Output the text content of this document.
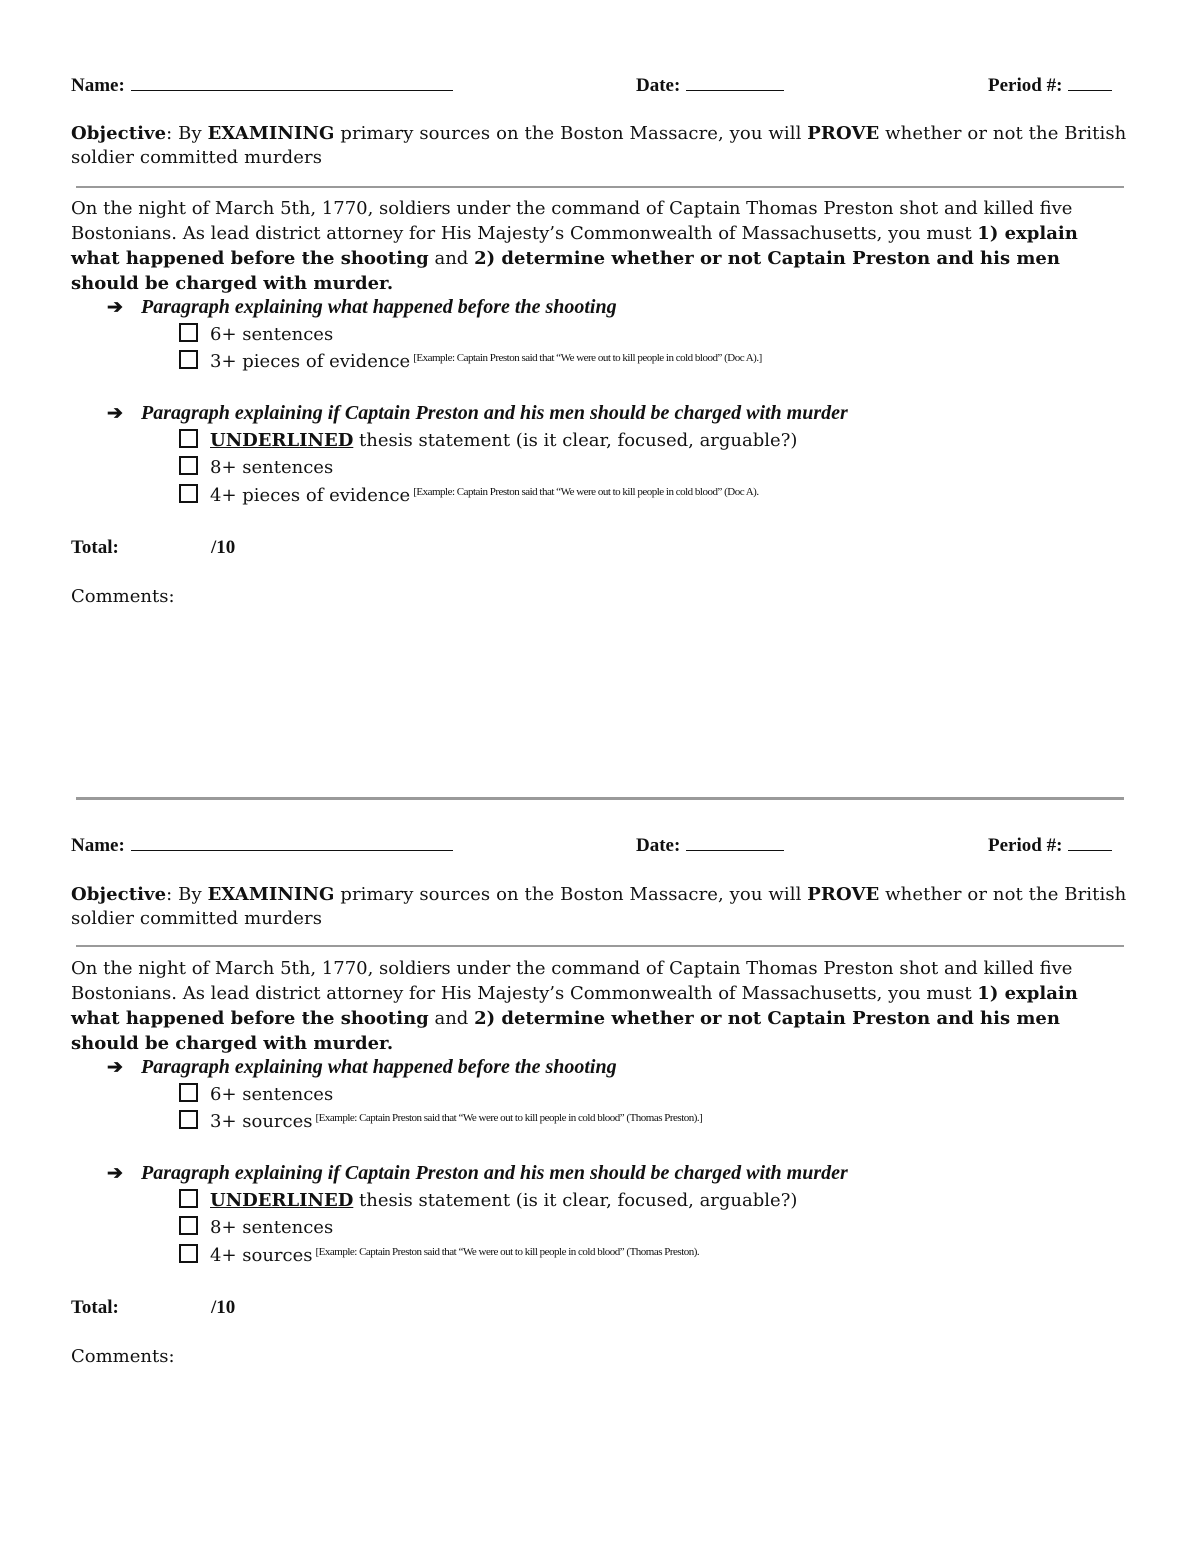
Name:	Date:	Period #:
Objective: By EXAMINING primary sources on the Boston Massacre, you will PROVE whether or not the British soldier committed murders
On the night of March 5th, 1770, soldiers under the command of Captain Thomas Preston shot and killed five Bostonians. As lead district attorney for His Majesty’s Commonwealth of Massachusetts, you must 1) explain what happened before the shooting and 2) determine whether or not Captain Preston and his men should be charged with murder.
➔ Paragraph explaining what happened before the shooting
6+ sentences
3+ pieces of evidence [Example: Captain Preston said that “We were out to kill people in cold blood” (Doc A).]
➔ Paragraph explaining if Captain Preston and his men should be charged with murder
UNDERLINED thesis statement (is it clear, focused, arguable?)
8+ sentences
4+ pieces of evidence $^{[Example: Captain Preston said that “We were out to kill people in cold blood” (Doc A).}$
Total:	/10
Comments:
Name:	Date:	Period #:
Objective: By EXAMINING primary sources on the Boston Massacre, you will PROVE whether or not the British soldier committed murders
On the night of March 5th, 1770, soldiers under the command of Captain Thomas Preston shot and killed five Bostonians. As lead district attorney for His Majesty’s Commonwealth of Massachusetts, you must 1) explain what happened before the shooting and 2) determine whether or not Captain Preston and his men should be charged with murder.
➔ Paragraph explaining what happened before the shooting
6+ sentences
3+ sources [Example: Captain Preston said that “We were out to kill people in cold blood” (Thomas Preston).]
➔ Paragraph explaining if Captain Preston and his men should be charged with murder
UNDERLINED thesis statement (is it clear, focused, arguable?)
8+ sentences
4+ sources $^{[Example: Captain Preston said that “We were out to kill people in cold blood” (Thomas Preston).}$
Total:	/10
Comments:
